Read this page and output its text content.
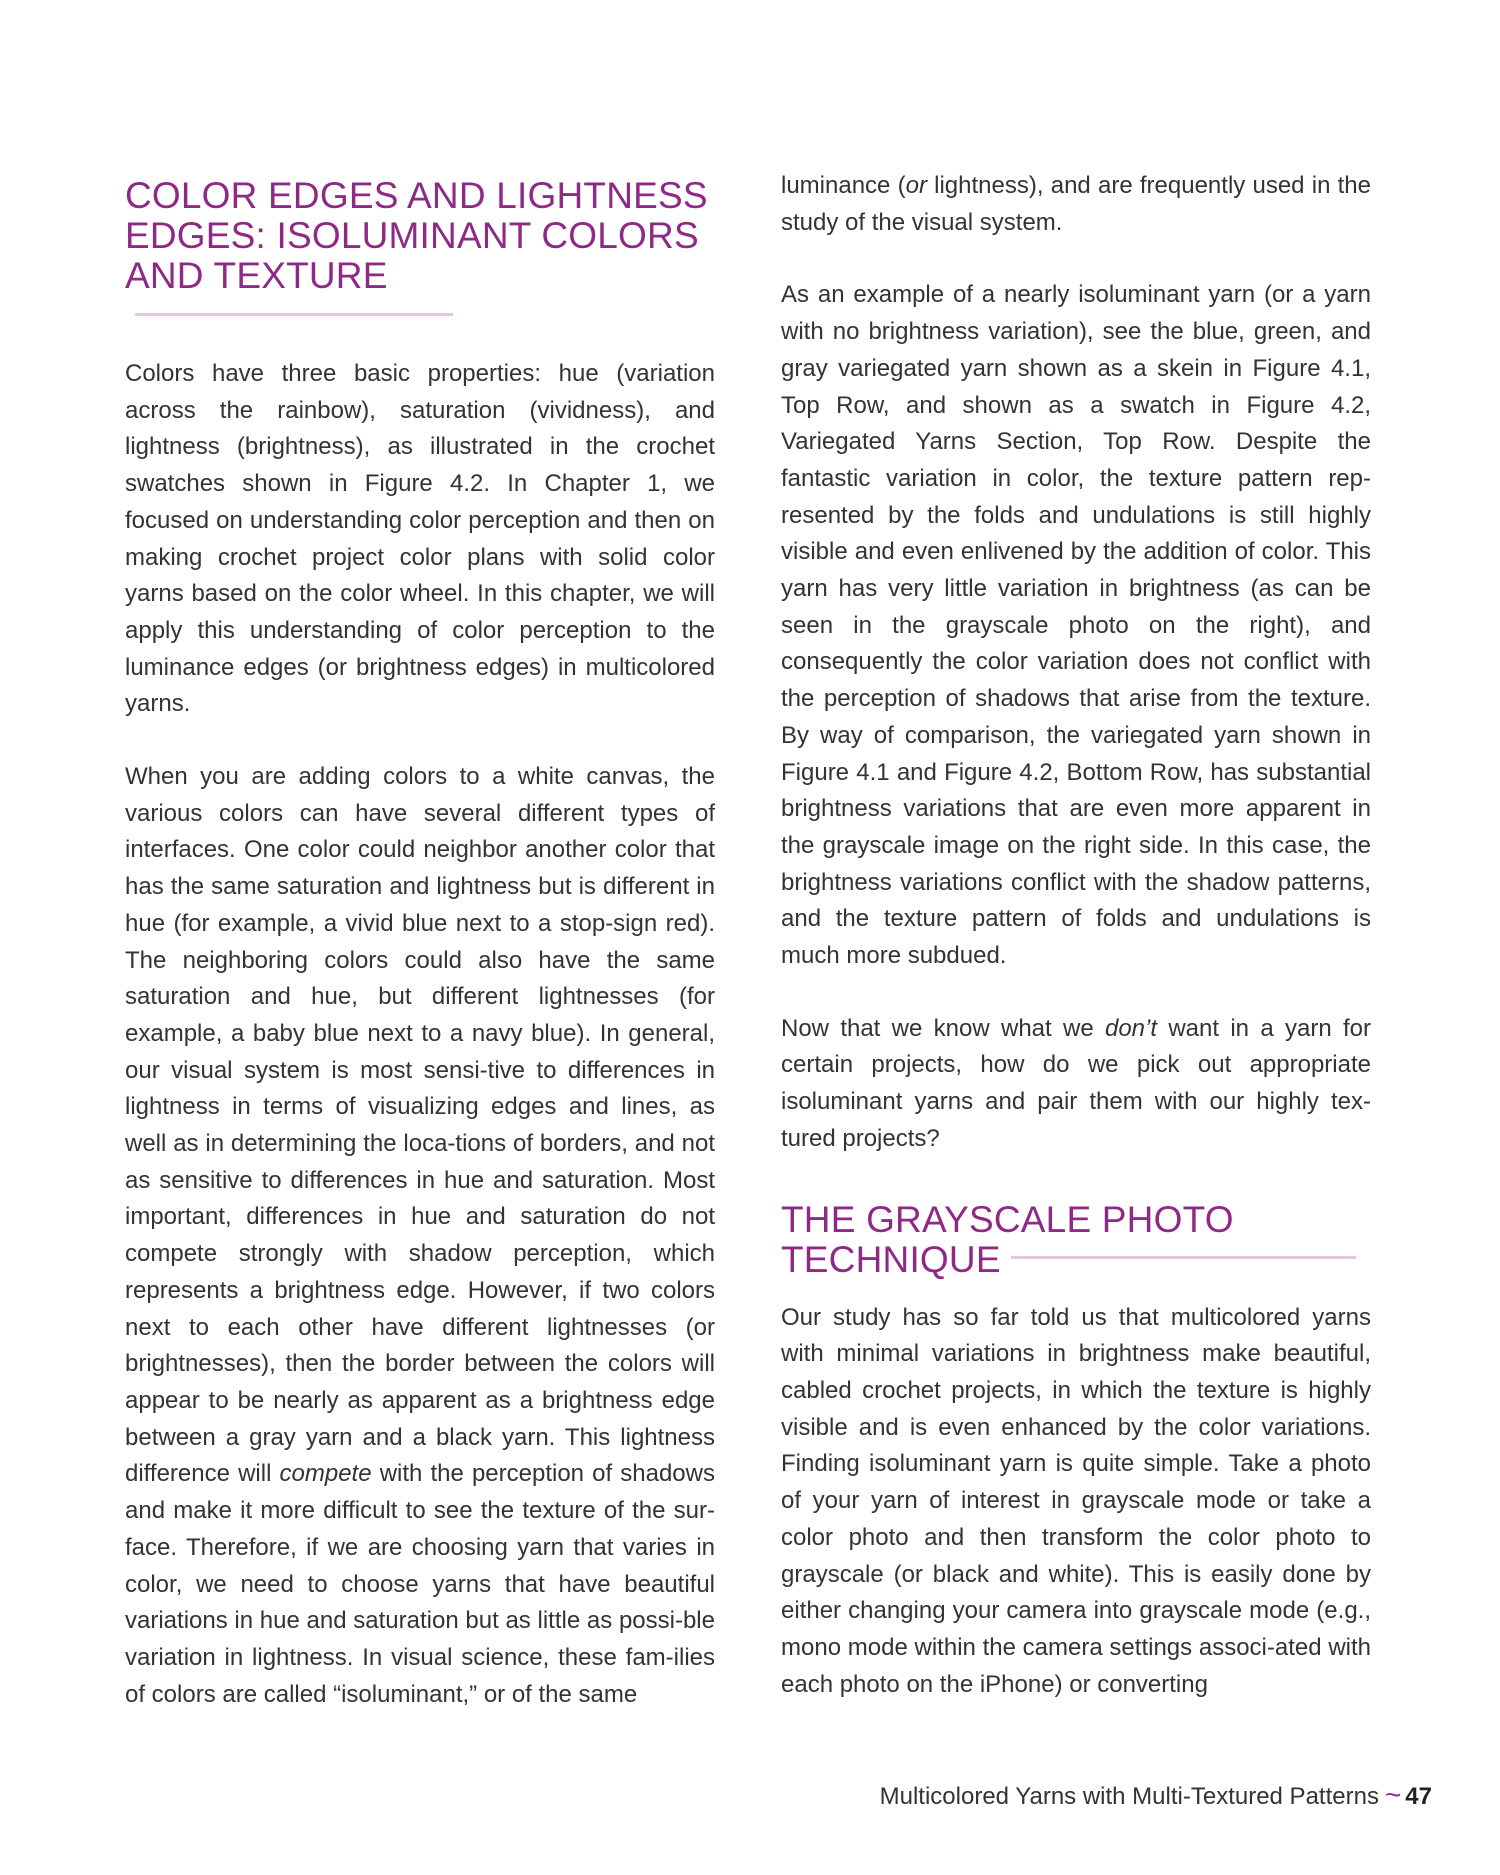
COLOR EDGES AND LIGHTNESS
EDGES: ISOLUMINANT COLORS
AND TEXTURE

Colors have three basic properties: hue (variation across the rainbow), saturation (vividness), and lightness (brightness), as illustrated in the crochet swatches shown in Figure 4.2. In Chapter 1, we focused on understanding color perception and then on making crochet project color plans with solid color yarns based on the color wheel. In this chapter, we will apply this understanding of color perception to the luminance edges (or brightness edges) in multicolored yarns.

When you are adding colors to a white canvas, the various colors can have several different types of interfaces. One color could neighbor another color that has the same saturation and lightness but is different in hue (for example, a vivid blue next to a stop-sign red). The neighboring colors could also have the same saturation and hue, but different lightnesses (for example, a baby blue next to a navy blue). In general, our visual system is most sensi-tive to differences in lightness in terms of visualizing edges and lines, as well as in determining the loca-tions of borders, and not as sensitive to differences in hue and saturation. Most important, differences in hue and saturation do not compete strongly with shadow perception, which represents a brightness edge. However, if two colors next to each other have different lightnesses (or brightnesses), then the border between the colors will appear to be nearly as apparent as a brightness edge between a gray yarn and a black yarn. This lightness difference will compete with the perception of shadows and make it more difficult to see the texture of the sur-face. Therefore, if we are choosing yarn that varies in color, we need to choose yarns that have beautiful variations in hue and saturation but as little as possi-ble variation in lightness. In visual science, these fam-ilies of colors are called “isoluminant,” or of the same

luminance (or lightness), and are frequently used in the study of the visual system.

As an example of a nearly isoluminant yarn (or a yarn with no brightness variation), see the blue, green, and gray variegated yarn shown as a skein in Figure 4.1, Top Row, and shown as a swatch in Figure 4.2, Variegated Yarns Section, Top Row. Despite the fantastic variation in color, the texture pattern rep-resented by the folds and undulations is still highly visible and even enlivened by the addition of color. This yarn has very little variation in brightness (as can be seen in the grayscale photo on the right), and consequently the color variation does not conflict with the perception of shadows that arise from the texture. By way of comparison, the variegated yarn shown in Figure 4.1 and Figure 4.2, Bottom Row, has substantial brightness variations that are even more apparent in the grayscale image on the right side. In this case, the brightness variations conflict with the shadow patterns, and the texture pattern of folds and undulations is much more subdued.

Now that we know what we don’t want in a yarn for certain projects, how do we pick out appropriate isoluminant yarns and pair them with our highly tex-tured projects?

THE GRAYSCALE PHOTO
TECHNIQUE

Our study has so far told us that multicolored yarns with minimal variations in brightness make beautiful, cabled crochet projects, in which the texture is highly visible and is even enhanced by the color variations. Finding isoluminant yarn is quite simple. Take a photo of your yarn of interest in grayscale mode or take a color photo and then transform the color photo to grayscale (or black and white). This is easily done by either changing your camera into grayscale mode (e.g., mono mode within the camera settings associ-ated with each photo on the iPhone) or converting

Multicolored Yarns with Multi-Textured Patterns ~ 47
